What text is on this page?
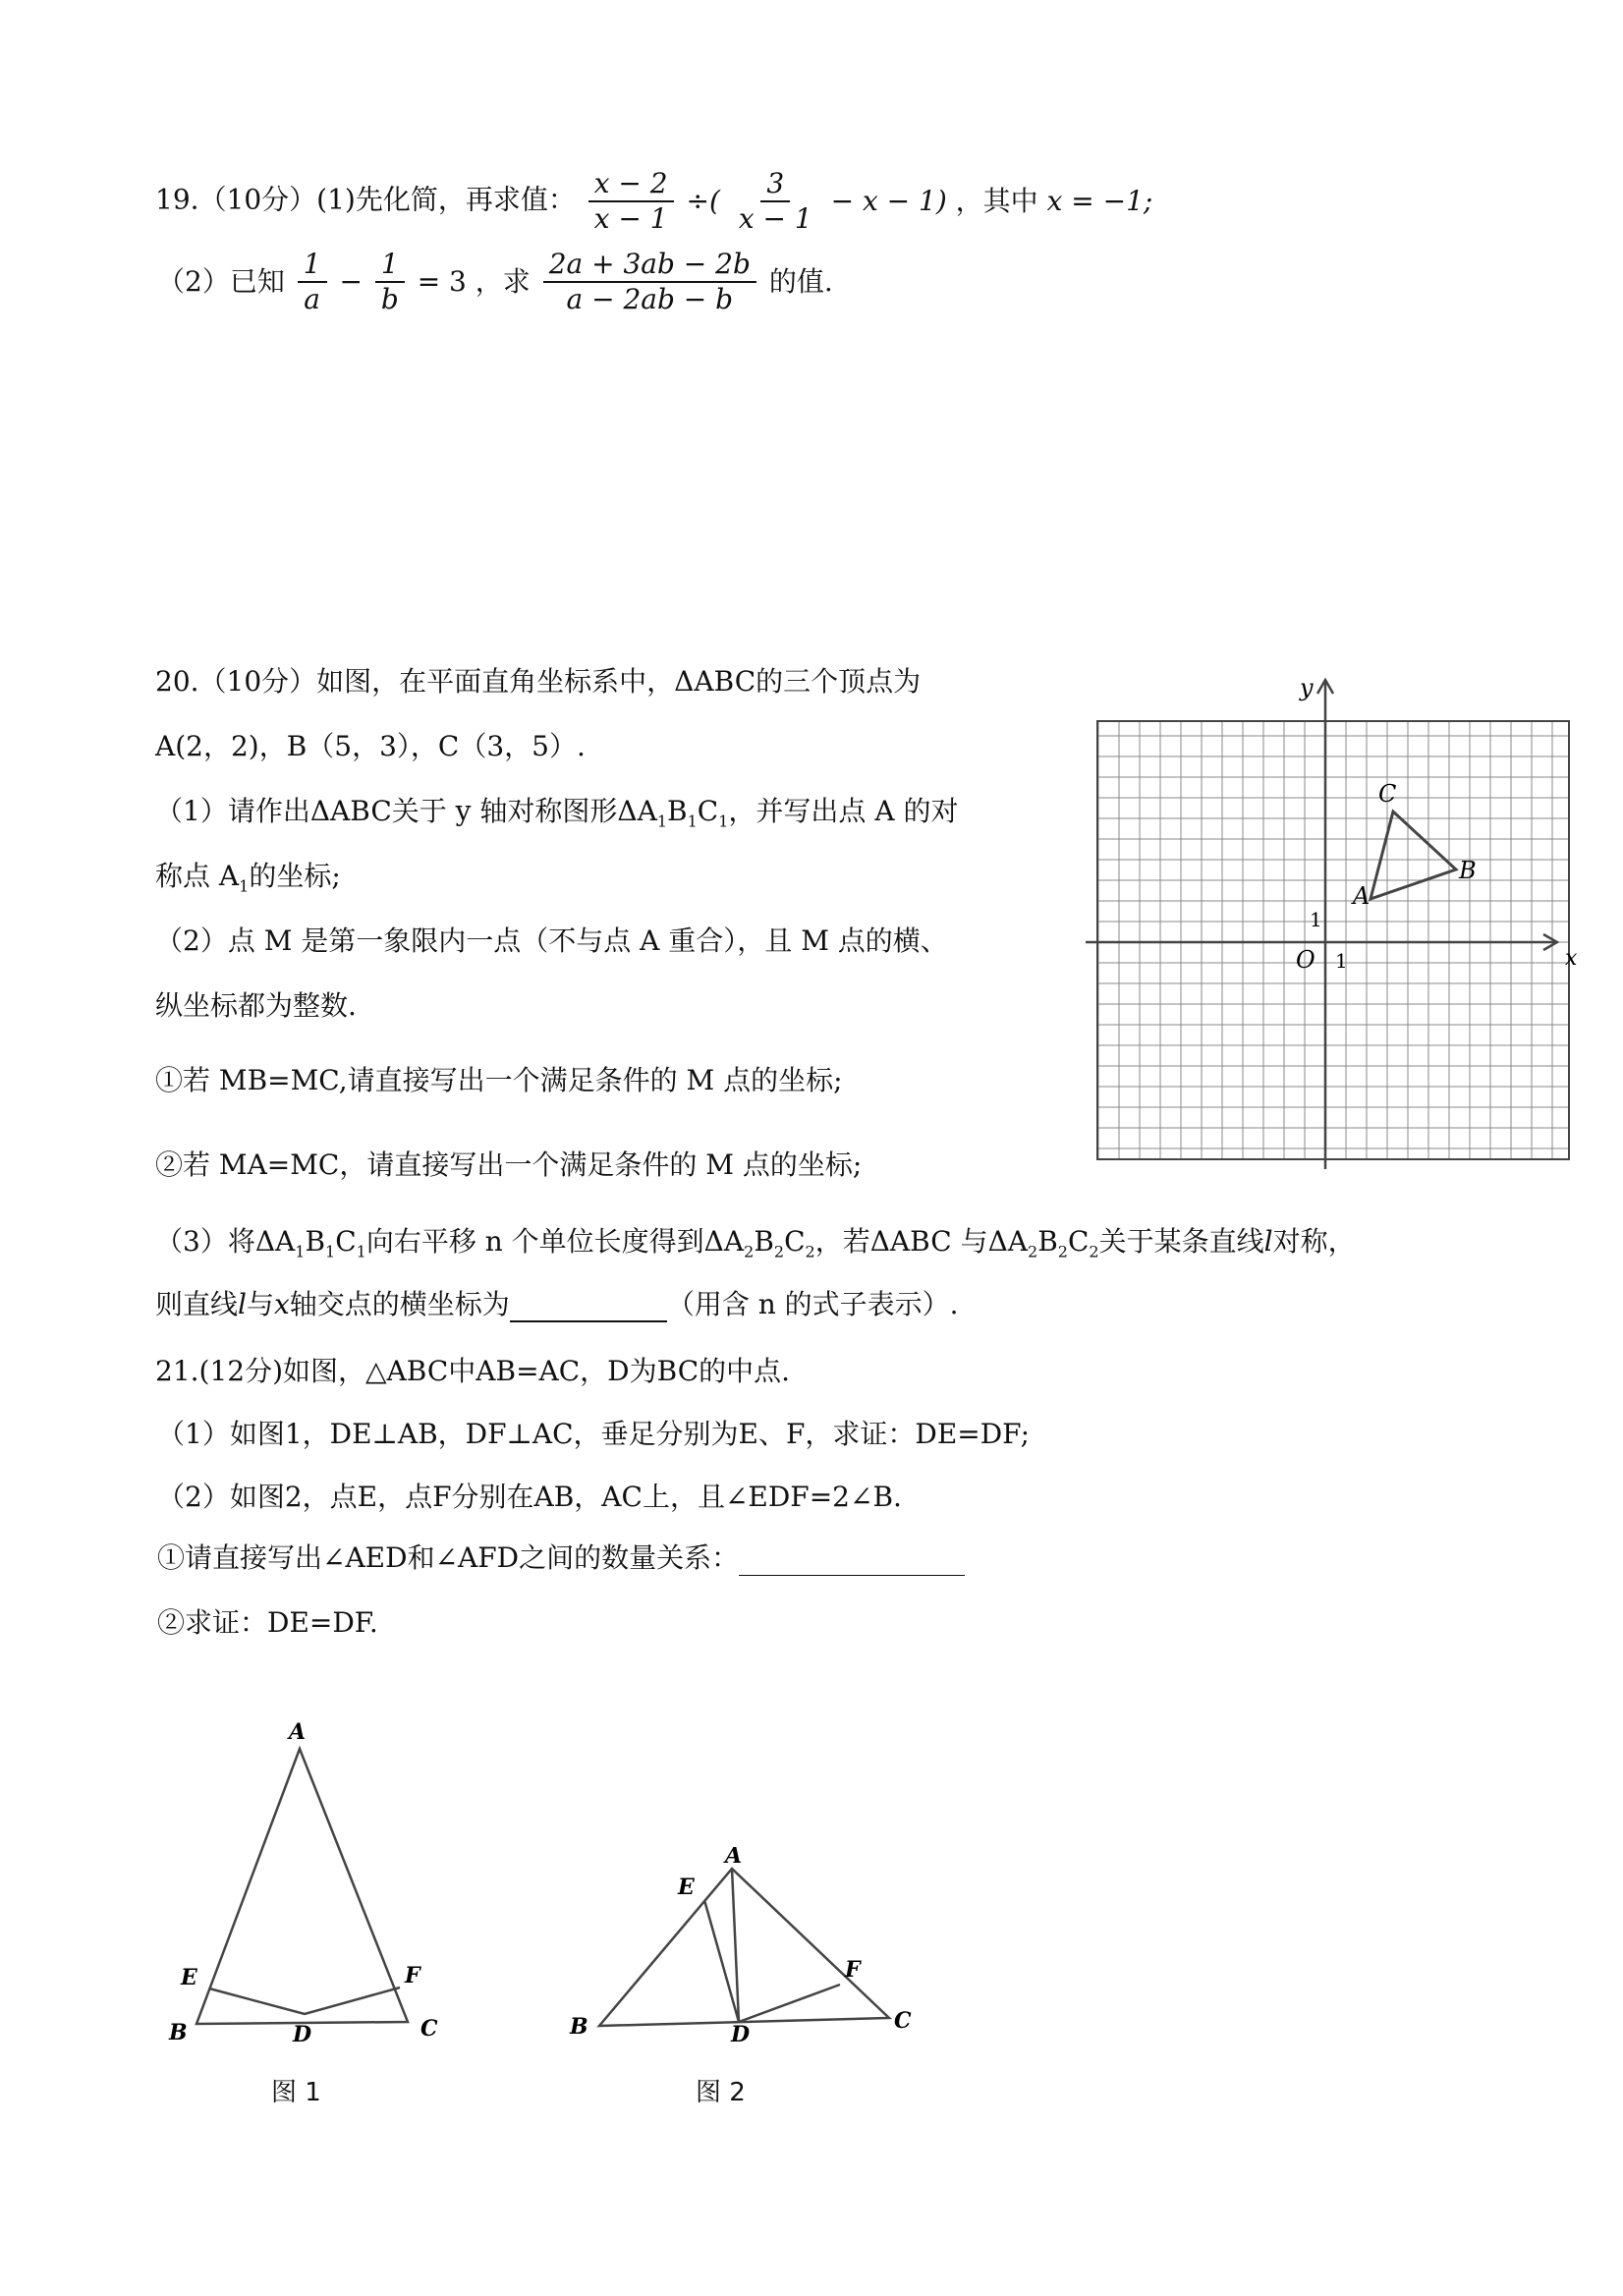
19.（10分）(1)先化简，再求值： $\frac{x - 2}{x - 1}$ ÷( $\frac{3}{x - 1} - x - 1$) ，其中 x = −1;
（2）已知 $\frac{1}{a} - \frac{1}{b} = 3$ ，求 $\frac{2a + 3ab - 2b}{a - 2ab - b}$ 的值.
20.（10分）如图，在平面直角坐标系中，ΔABC的三个顶点为
A(2，2)，B（5，3），C（3，5）.
（1）请作出ΔABC关于 y 轴对称图形$\Delta A_1B_1C_1$，并写出点 A 的对
称点 $A_1$的坐标;
（2）点 M 是第一象限内一点（不与点 A 重合），且 M 点的横、
纵坐标都为整数.
①若 MB=MC,请直接写出一个满足条件的 M 点的坐标;
②若 MA=MC，请直接写出一个满足条件的 M 点的坐标;
（3）将$\Delta A_1B_1C_1$向右平移 n 个单位长度得到$\Delta A_2B_2C_2$，若ΔABC 与$\Delta A_2B_2C_2$关于某条直线l对称，
则直线l与x轴交点的横坐标为	（用含 n 的式子表示）.
y
x
O 1
1
A
B
C
21.(12分)如图，△ABC中AB=AC，D为BC的中点.
（1）如图1，DE⊥AB，DF⊥AC，垂足分别为E、F，求证：DE=DF;
（2）如图2，点E，点F分别在AB，AC上，且∠EDF=2∠B.
①请直接写出∠AED和∠AFD之间的数量关系：
②求证：DE=DF.
A
E	F
B	D	C
图 1
A
E
F
B	D
C
图 2
